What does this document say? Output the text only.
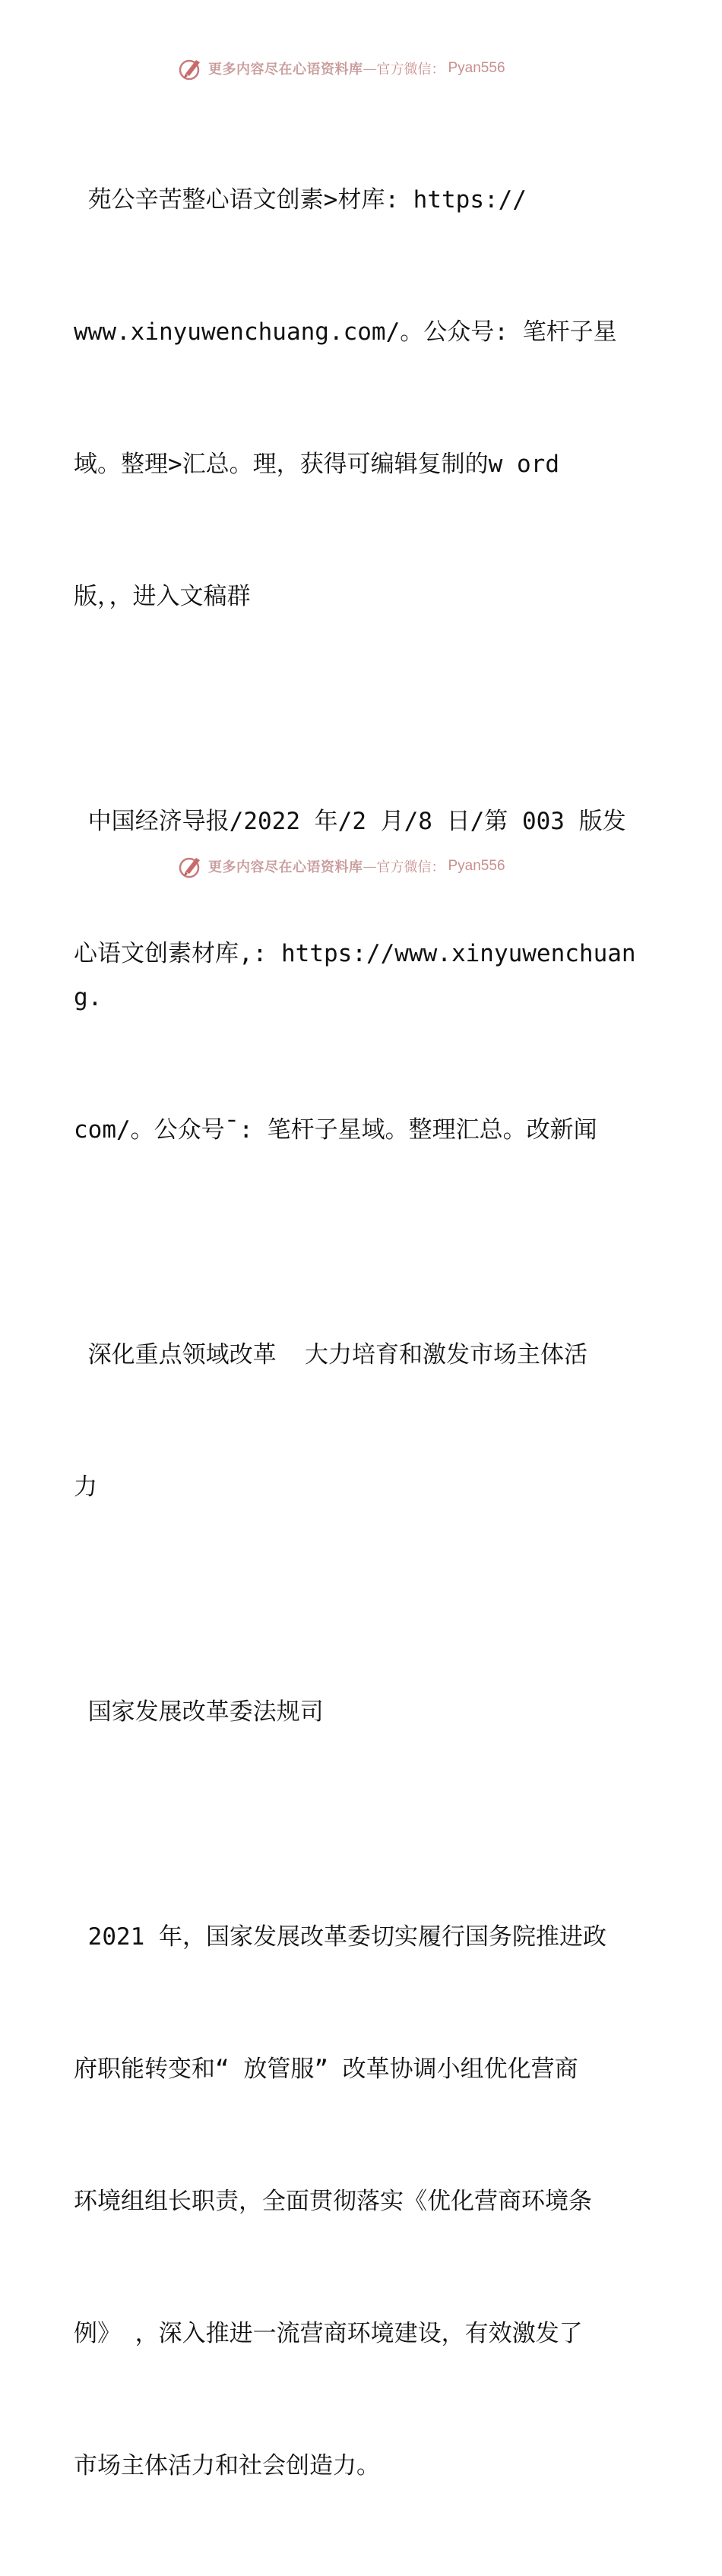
更多内容尽在心语资料库 — 官方微信 ： Pyan556

苑公辛苦整心语文创素>材库: https://

www.xinyuwenchuang.com/。公众号: 笔杆子星

域。整理>汇总。理，获得可编辑复制的w ord

版，，进入文稿群

中国经济导报/2022 年/2 月/8 日/第 003 版发

心语文创素材库,: https://www.xinyuwenchuang.

com/。公众号¯: 笔杆子星域。整理汇总。改新闻

深化重点领域改革  大力培育和激发市场主体活

力

国家发展改革委法规司

2021 年，国家发展改革委切实履行国务院推进政

府职能转变和“ 放管服” 改革协调小组优化营商

环境组组长职责，全面贯彻落实《优化营商环境条

例》 ，深入推进一流营商环境建设，有效激发了

市场主体活力和社会创造力。

更多内容尽在心语资料库 — 官方微信 ： Pyan556
